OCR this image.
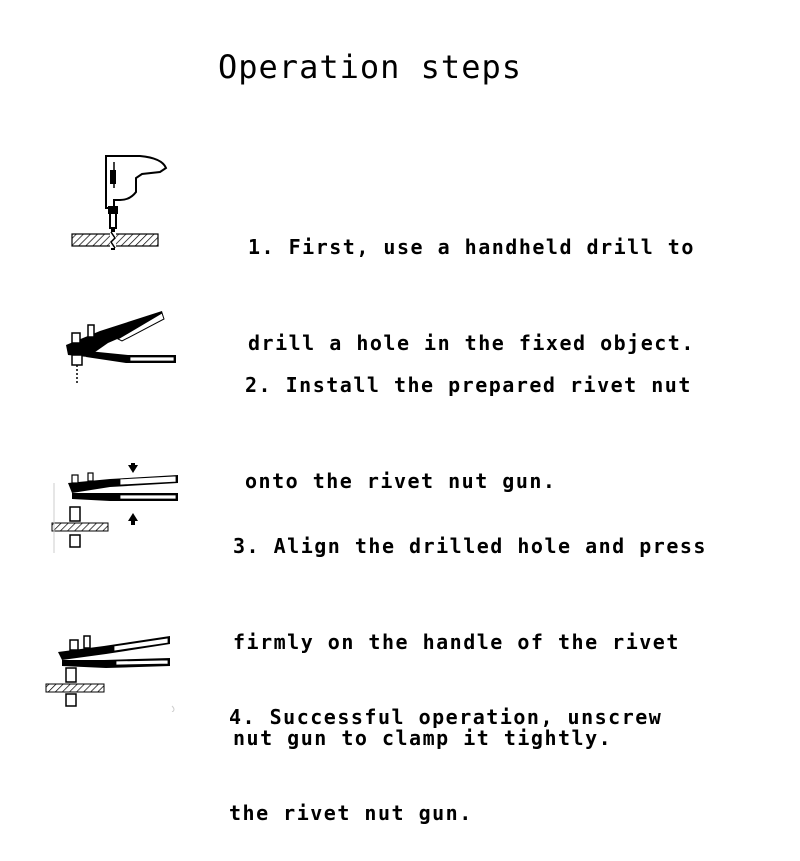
Operation steps

1. First, use a handheld drill to

drill a hole in the fixed object.

2. Install the prepared rivet nut

onto the rivet nut gun.

3. Align the drilled hole and press

firmly on the handle of the rivet

nut gun to clamp it tightly.

4. Successful operation, unscrew

the rivet nut gun.
